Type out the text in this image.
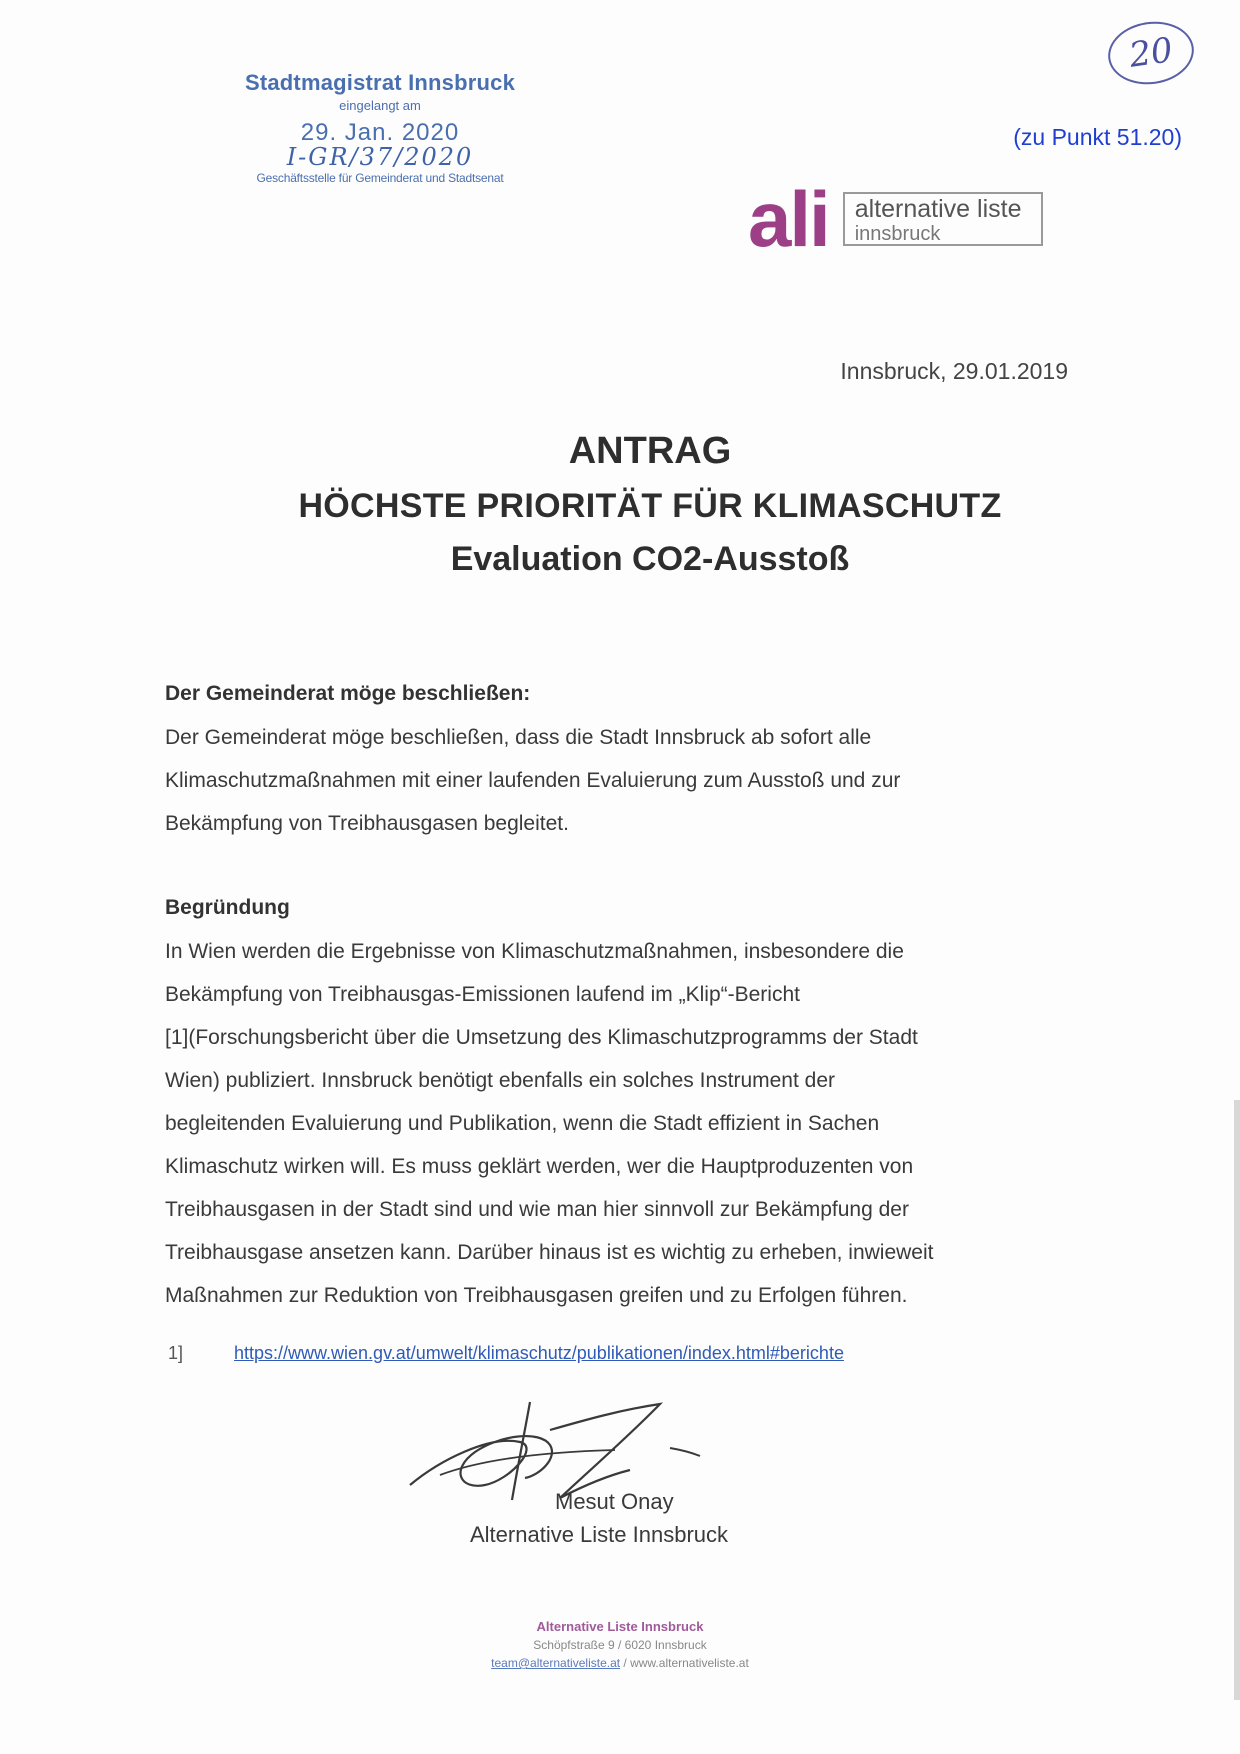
Stadtmagistrat Innsbruck
eingelangt am
29. Jan. 2020
I-GR/37/2020
Geschäftsstelle für Gemeinderat und Stadtsenat
20
(zu Punkt 51.20)
ali alternative liste
innsbruck
Innsbruck, 29.01.2019
ANTRAG
HÖCHSTE PRIORITÄT FÜR KLIMASCHUTZ
Evaluation CO2-Ausstoß
Der Gemeinderat möge beschließen:

Der Gemeinderat möge beschließen, dass die Stadt Innsbruck ab sofort alle

Klimaschutzmaßnahmen mit einer laufenden Evaluierung zum Ausstoß und zur

Bekämpfung von Treibhausgasen begleitet.

Begründung

In Wien werden die Ergebnisse von Klimaschutzmaßnahmen, insbesondere die

Bekämpfung von Treibhausgas-Emissionen laufend im „Klip“-Bericht

[1](Forschungsbericht über die Umsetzung des Klimaschutzprogramms der Stadt

Wien) publiziert. Innsbruck benötigt ebenfalls ein solches Instrument der

begleitenden Evaluierung und Publikation, wenn die Stadt effizient in Sachen

Klimaschutz wirken will. Es muss geklärt werden, wer die Hauptproduzenten von

Treibhausgasen in der Stadt sind und wie man hier sinnvoll zur Bekämpfung der

Treibhausgase ansetzen kann. Darüber hinaus ist es wichtig zu erheben, inwieweit

Maßnahmen zur Reduktion von Treibhausgasen greifen und zu Erfolgen führen.

1]	https://www.wien.gv.at/umwelt/klimaschutz/publikationen/index.html#berichte
Mesut Onay
Alternative Liste Innsbruck
Alternative Liste Innsbruck
Schöpfstraße 9 / 6020 Innsbruck
team@alternativeliste.at / www.alternativeliste.at
